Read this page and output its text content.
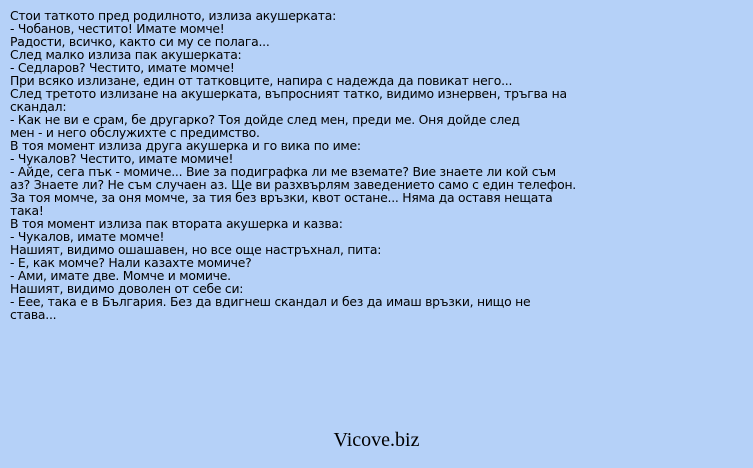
Стои таткото пред родилното, излиза акушерката:
- Чобанов, честито! Имате момче!
Радости, всичко, както си му се полага...
След малко излиза пак акушерката:
- Седларов? Честито, имате момче!
При всяко излизане, един от татковците, напира с надежда да повикат него...
След третото излизане на акушерката, въпросният татко, видимо изнервен, тръгва на
скандал:
- Как не ви е срам, бе другарко? Тоя дойде след мен, преди ме. Оня дойде след
мен - и него обслужихте с предимство.
В тоя момент излиза друга акушерка и го вика по име:
- Чукалов? Честито, имате момиче!
- Айде, сега пък - момиче... Вие за подиграфка ли ме вземате? Вие знаете ли кой съм
аз? Знаете ли? Не съм случаен аз. Ще ви разхвърлям заведението само с един телефон.
За тоя момче, за оня момче, за тия без връзки, квот остане... Няма да оставя нещата
така!
В тоя момент излиза пак втората акушерка и казва:
- Чукалов, имате момче!
Нашият, видимо ошашавен, но все още настръхнал, пита:
- Е, как момче? Нали казахте момиче?
- Ами, имате две. Момче и момиче.
Нашият, видимо доволен от себе си:
- Еее, така е в България. Без да вдигнеш скандал и без да имаш връзки, нищо не
става...
Vicove.biz
